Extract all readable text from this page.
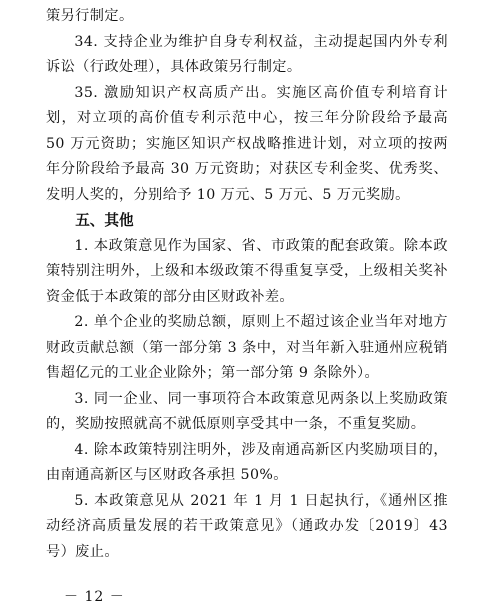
策另行制定。

34. 支持企业为维护自身专利权益，主动提起国内外专利诉讼（行政处理），具体政策另行制定。

35. 激励知识产权高质产出。实施区高价值专利培育计划，对立项的高价值专利示范中心，按三年分阶段给予最高 50 万元资助；实施区知识产权战略推进计划，对立项的按两年分阶段给予最高 30 万元资助；对获区专利金奖、优秀奖、发明人奖的，分别给予 10 万元、5 万元、5 万元奖励。

五、其他

1. 本政策意见作为国家、省、市政策的配套政策。除本政策特别注明外，上级和本级政策不得重复享受，上级相关奖补资金低于本政策的部分由区财政补差。

2. 单个企业的奖励总额，原则上不超过该企业当年对地方财政贡献总额（第一部分第 3 条中，对当年新入驻通州应税销售超亿元的工业企业除外；第一部分第 9 条除外）。

3. 同一企业、同一事项符合本政策意见两条以上奖励政策的，奖励按照就高不就低原则享受其中一条，不重复奖励。

4. 除本政策特别注明外，涉及南通高新区内奖励项目的，由南通高新区与区财政各承担 50%。

5. 本政策意见从 2021 年 1 月 1 日起执行，《通州区推动经济高质量发展的若干政策意见》（通政办发〔2019〕43 号）废止。

－ 12 －
